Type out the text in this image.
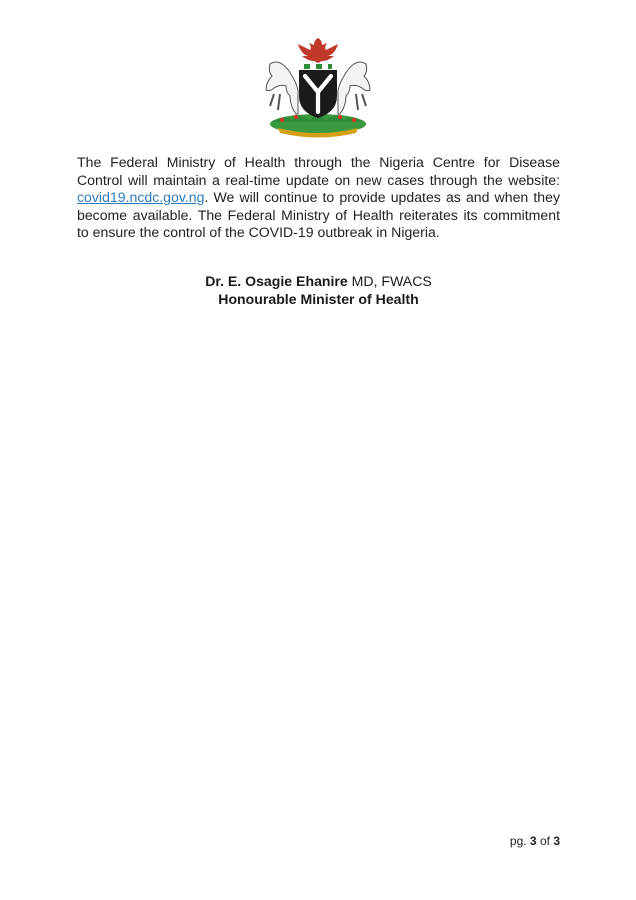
The Federal Ministry of Health through the Nigeria Centre for Disease Control will maintain a real-time update on new cases through the website: covid19.ncdc.gov.ng. We will continue to provide updates as and when they become available. The Federal Ministry of Health reiterates its commitment to ensure the control of the COVID-19 outbreak in Nigeria.

Dr. E. Osagie Ehanire MD, FWACS
Honourable Minister of Health
pg. 3 of 3
